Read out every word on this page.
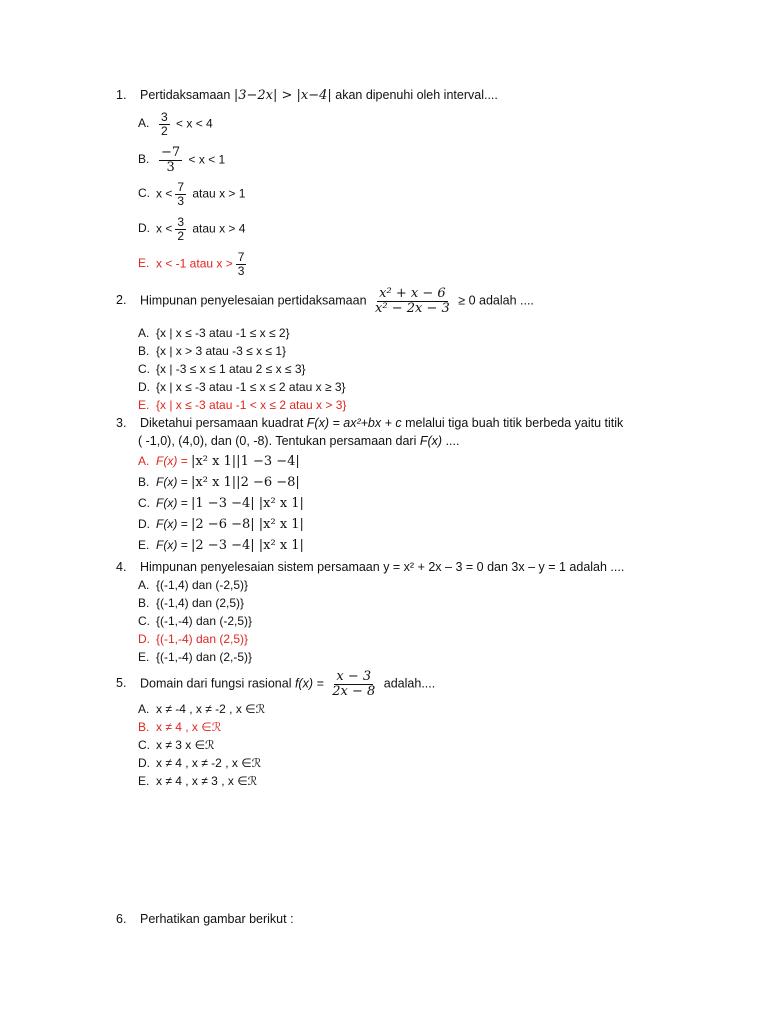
1. Pertidaksamaan |3−2x| > |x−4| akan dipenuhi oleh interval....
A. $\frac{3}{2} < x < 4$
B. $\frac{-7}{3} < x < 1$
C. $x < \frac{7}{3}$ atau x > 1
D. $x < \frac{3}{2}$ atau x > 4
E. x < -1 atau $x > \frac{7}{3}$
2. Himpunan penyelesaian pertidaksamaan $\frac{\text{x² + x − 6}}{\text{x² − 2x − 3}} \ge 0$ adalah ....
A. {x | x ≤ -3 atau -1 ≤ x ≤ 2}
B. {x | x > 3 atau -3 ≤ x ≤ 1}
C. {x | -3 ≤ x ≤ 1 atau 2 ≤ x ≤ 3}
D. {x | x ≤ -3 atau -1 ≤ x ≤ 2 atau x ≥ 3}
E. {x | x ≤ -3 atau -1 < x ≤ 2 atau x > 3}
3. Diketahui persamaan kuadrat F(x) = ax²+bx + c melalui tiga buah titik berbeda yaitu titik
( -1,0), (4,0), dan (0, -8). Tentukan persamaan dari F(x) ....
A. F(x) = |x² x 1||1 −3 −4|
B. F(x) = |x² x 1||2 −6 −8|
C. F(x) = |1 −3 −4| |x² x 1|
D. F(x) = |2 −6 −8| |x² x 1|
E. F(x) = |2 −3 −4| |x² x 1|
4. Himpunan penyelesaian sistem persamaan y = x² + 2x – 3 = 0 dan 3x – y = 1 adalah ....
A. {(-1,4) dan (-2,5)}
B. {(-1,4) dan (2,5)}
C. {(-1,-4) dan (-2,5)}
D. {(-1,-4) dan (2,5)}
E. {(-1,-4) dan (2,-5)}
5. Domain dari fungsi rasional $f(x) = \frac{x - 3}{2x - 8}$ adalah....
A. x ≠ -4 , x ≠ -2 , x ∈ℛ
B. x ≠ 4 , x ∈ℛ
C. x ≠ 3 x ∈ℛ
D. x ≠ 4 , x ≠ -2 , x ∈ℛ
E. x ≠ 4 , x ≠ 3 , x ∈ℛ
6. Perhatikan gambar berikut :
